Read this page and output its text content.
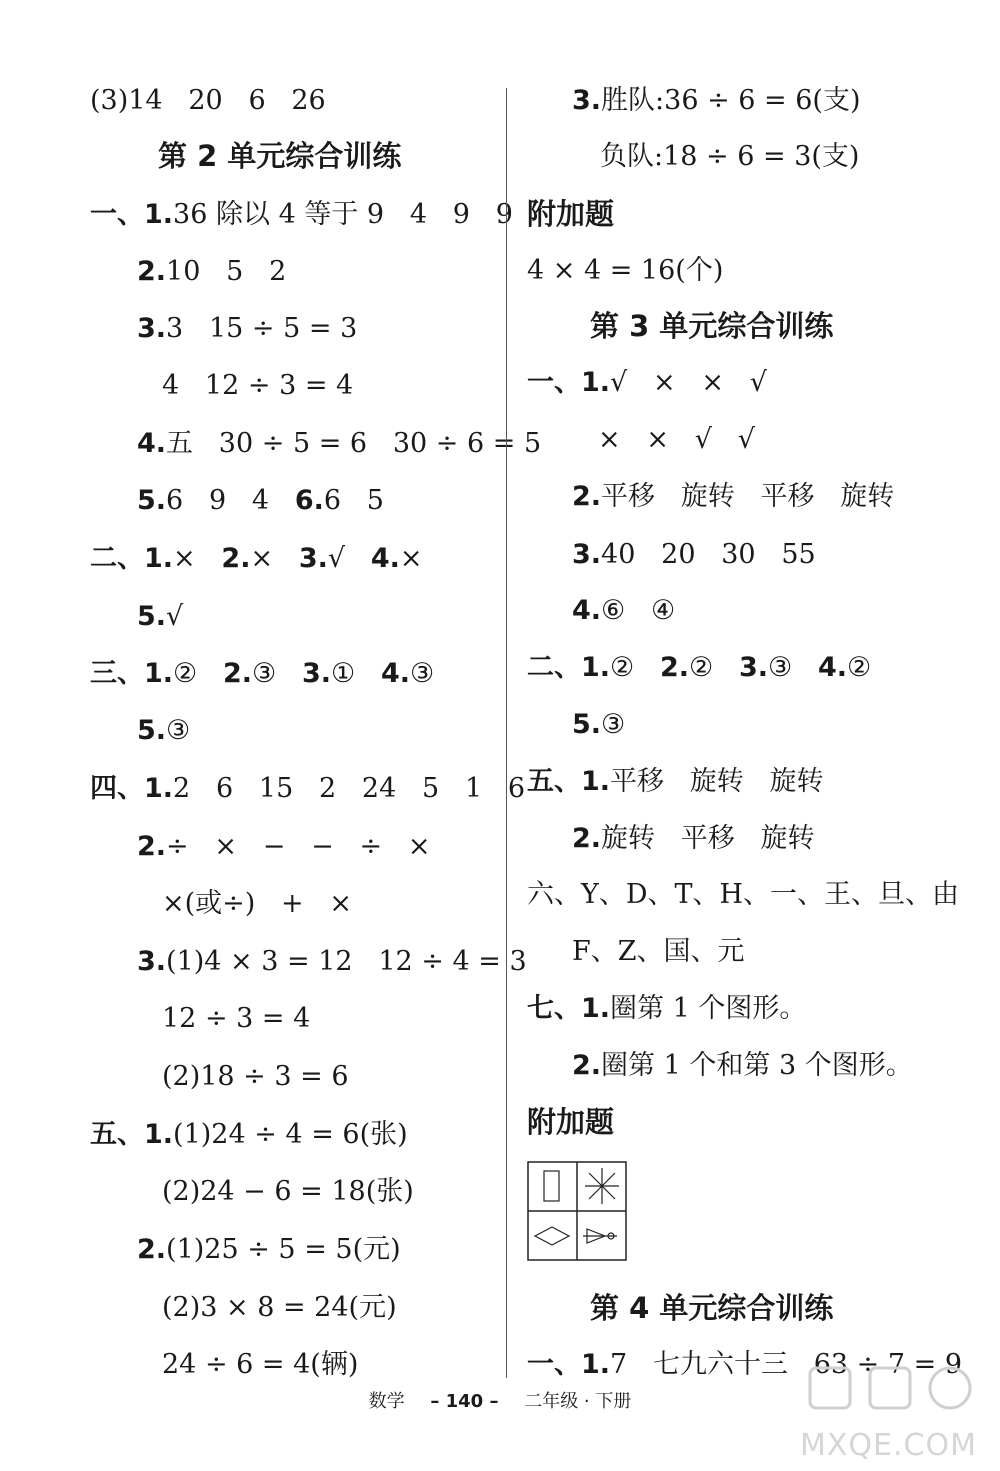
(3)14   20   6   26
第 2 单元综合训练
一、1.36 除以 4 等于 9   4   9   9
2.10   5   2
3.3   15 ÷ 5 = 3
4   12 ÷ 3 = 4
4.五   30 ÷ 5 = 6   30 ÷ 6 = 5
5.6   9   4   6.6   5
二、1.×   2.×   3.√   4.×
5.√
三、1.②   2.③   3.①   4.③
5.③
四、1.2   6   15   2   24   5   1   6
2.÷   ×   −   −   ÷   ×
×(或÷)   +   ×
3.(1)4 × 3 = 12   12 ÷ 4 = 3
12 ÷ 3 = 4
(2)18 ÷ 3 = 6
五、1.(1)24 ÷ 4 = 6(张)
(2)24 − 6 = 18(张)
2.(1)25 ÷ 5 = 5(元)
(2)3 × 8 = 24(元)
24 ÷ 6 = 4(辆)
3.胜队:36 ÷ 6 = 6(支)
负队:18 ÷ 6 = 3(支)
附加题
4 × 4 = 16(个)
第 3 单元综合训练
一、1.√   ×   ×   √
×   ×   √   √
2.平移   旋转   平移   旋转
3.40   20   30   55
4.⑥   ④
二、1.②   2.②   3.③   4.②
5.③
五、1.平移   旋转   旋转
2.旋转   平移   旋转
六、Y、D、T、H、一、王、旦、由
F、Z、国、元
七、1.圈第 1 个图形。
2.圈第 1 个和第 3 个图形。
附加题
第 4 单元综合训练
一、1.7   七九六十三   63 ÷ 7 = 9
数学 – 140 – 二年级 · 下册
MXQE.COM
